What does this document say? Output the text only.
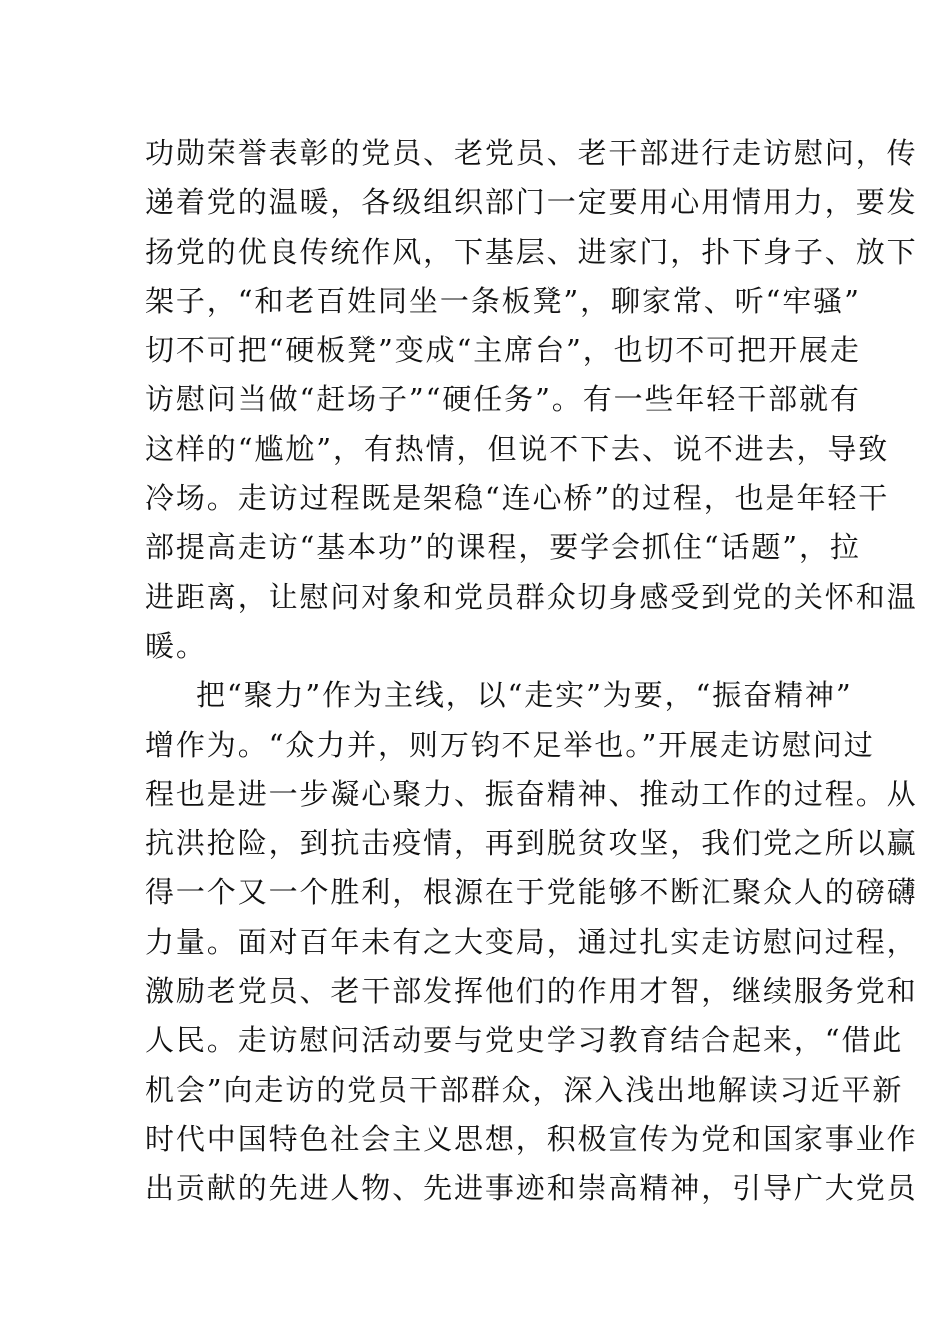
功勋荣誉表彰的党员、老党员、老干部进行走访慰问，传
递着党的温暖，各级组织部门一定要用心用情用力，要发
扬党的优良传统作风，下基层、进家门，扑下身子、放下
架子，“和老百姓同坐一条板凳”，聊家常、听“牢骚”
切不可把“硬板凳”变成“主席台”，也切不可把开展走
访慰问当做“赶场子”“硬任务”。有一些年轻干部就有
这样的“尴尬”，有热情，但说不下去、说不进去，导致
冷场。走访过程既是架稳“连心桥”的过程，也是年轻干
部提高走访“基本功”的课程，要学会抓住“话题”，拉
进距离，让慰问对象和党员群众切身感受到党的关怀和温
暖。
把“聚力”作为主线，以“走实”为要，“振奋精神”
增作为。“众力并，则万钧不足举也。”开展走访慰问过
程也是进一步凝心聚力、振奋精神、推动工作的过程。从
抗洪抢险，到抗击疫情，再到脱贫攻坚，我们党之所以赢
得一个又一个胜利，根源在于党能够不断汇聚众人的磅礴
力量。面对百年未有之大变局，通过扎实走访慰问过程，
激励老党员、老干部发挥他们的作用才智，继续服务党和
人民。走访慰问活动要与党史学习教育结合起来，“借此
机会”向走访的党员干部群众，深入浅出地解读习近平新
时代中国特色社会主义思想，积极宣传为党和国家事业作
出贡献的先进人物、先进事迹和崇高精神，引导广大党员
